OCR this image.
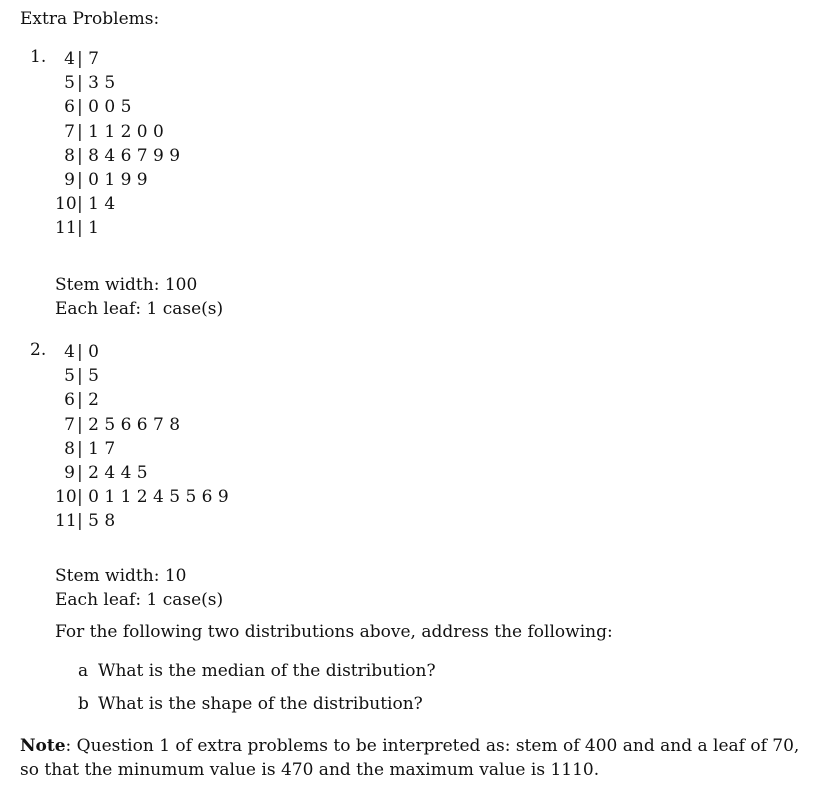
Extra Problems:
1.	4 | 7
5 | 3 5
6 | 0 0 5
7 | 1 1 2 0 0
8 | 8 4 6 7 9 9
9 | 0 1 9 9
10 | 1 4
11 | 1
Stem width: 100
Each leaf: 1 case(s)
2.	4 | 0
5 | 5
6 | 2
7 | 2 5 6 6 7 8
8 | 1 7
9 | 2 4 4 5
10 | 0 1 1 2 4 5 5 6 9
11 | 5 8
Stem width: 10
Each leaf: 1 case(s)
For the following two distributions above, address the following:
a What is the median of the distribution?
b What is the shape of the distribution?
Note: Question 1 of extra problems to be interpreted as: stem of 400 and and a leaf of 70, so that the minumum value is 470 and the maximum value is 1110.
